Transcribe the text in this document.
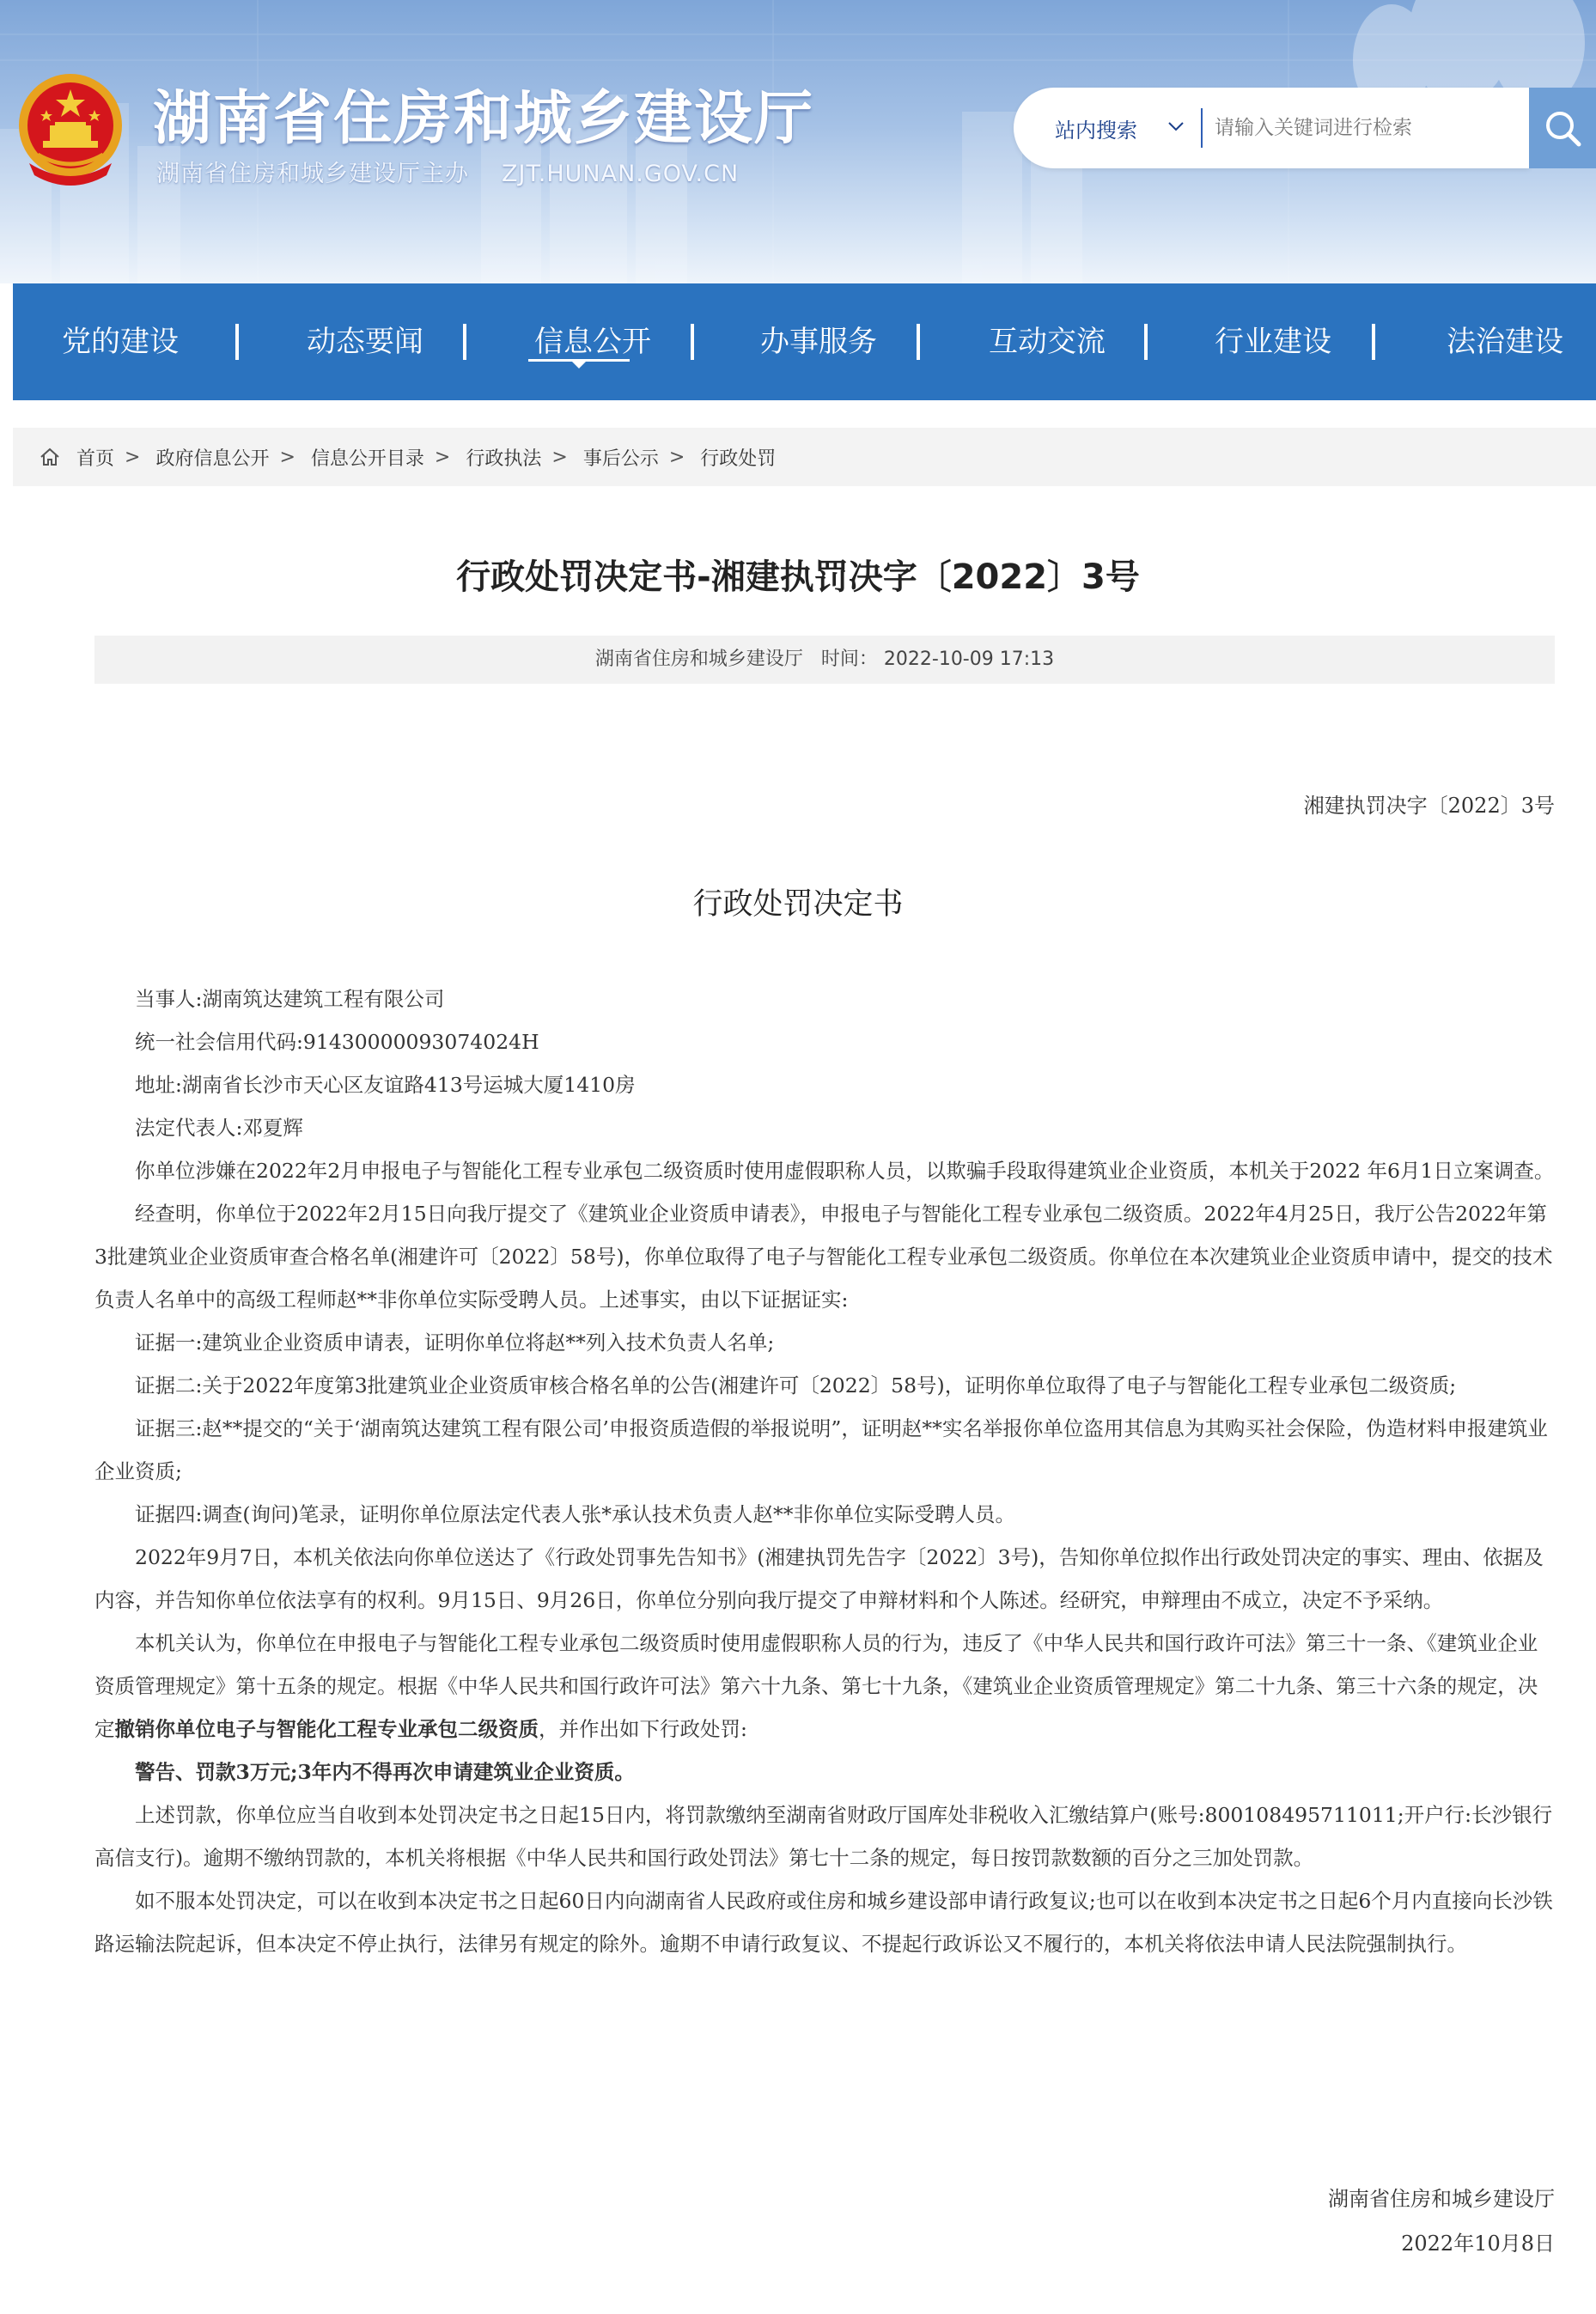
湖南省住房和城乡建设厅
湖南省住房和城乡建设厅主办 ZJT.HUNAN.GOV.CN
站内搜索
请输入关键词进行检索
党的建设	动态要闻	信息公开	办事服务	互动交流	行业建设	法治建设
首页 > 政府信息公开 > 信息公开目录 > 行政执法 > 事后公示 > 行政处罚
行政处罚决定书-湘建执罚决字〔2022〕3号
湖南省住房和城乡建设厅 时间： 2022-10-09 17:13
湘建执罚决字〔2022〕3号
行政处罚决定书

当事人:湖南筑达建筑工程有限公司

统一社会信用代码:91430000093074024H

地址:湖南省长沙市天心区友谊路413号运城大厦1410房

法定代表人:邓夏辉

你单位涉嫌在2022年2月申报电子与智能化工程专业承包二级资质时使用虚假职称人员，以欺骗手段取得建筑业企业资质，本机关于2022 年6月1日立案调查。

经查明，你单位于2022年2月15日向我厅提交了《建筑业企业资质申请表》，申报电子与智能化工程专业承包二级资质。2022年4月25日，我厅公告2022年第3批建筑业企业资质审查合格名单(湘建许可〔2022〕58号)，你单位取得了电子与智能化工程专业承包二级资质。你单位在本次建筑业企业资质申请中，提交的技术负责人名单中的高级工程师赵**非你单位实际受聘人员。上述事实，由以下证据证实:

证据一:建筑业企业资质申请表，证明你单位将赵**列入技术负责人名单;

证据二:关于2022年度第3批建筑业企业资质审核合格名单的公告(湘建许可〔2022〕58号)，证明你单位取得了电子与智能化工程专业承包二级资质;

证据三:赵**提交的“关于‘湖南筑达建筑工程有限公司’申报资质造假的举报说明”，证明赵**实名举报你单位盗用其信息为其购买社会保险，伪造材料申报建筑业企业资质;

证据四:调查(询问)笔录，证明你单位原法定代表人张*承认技术负责人赵**非你单位实际受聘人员。

2022年9月7日，本机关依法向你单位送达了《行政处罚事先告知书》(湘建执罚先告字〔2022〕3号)，告知你单位拟作出行政处罚决定的事实、理由、依据及内容，并告知你单位依法享有的权利。9月15日、9月26日，你单位分别向我厅提交了申辩材料和个人陈述。经研究，申辩理由不成立，决定不予采纳。

本机关认为，你单位在申报电子与智能化工程专业承包二级资质时使用虚假职称人员的行为，违反了《中华人民共和国行政许可法》第三十一条、《建筑业企业资质管理规定》第十五条的规定。根据《中华人民共和国行政许可法》第六十九条、第七十九条，《建筑业企业资质管理规定》第二十九条、第三十六条的规定，决定撤销你单位电子与智能化工程专业承包二级资质，并作出如下行政处罚:

警告、罚款3万元;3年内不得再次申请建筑业企业资质。

上述罚款，你单位应当自收到本处罚决定书之日起15日内，将罚款缴纳至湖南省财政厅国库处非税收入汇缴结算户(账号:800108495711011;开户行:长沙银行高信支行)。逾期不缴纳罚款的，本机关将根据《中华人民共和国行政处罚法》第七十二条的规定，每日按罚款数额的百分之三加处罚款。

如不服本处罚决定，可以在收到本决定书之日起60日内向湖南省人民政府或住房和城乡建设部申请行政复议;也可以在收到本决定书之日起6个月内直接向长沙铁路运输法院起诉，但本决定不停止执行，法律另有规定的除外。逾期不申请行政复议、不提起行政诉讼又不履行的，本机关将依法申请人民法院强制执行。

湖南省住房和城乡建设厅
2022年10月8日
